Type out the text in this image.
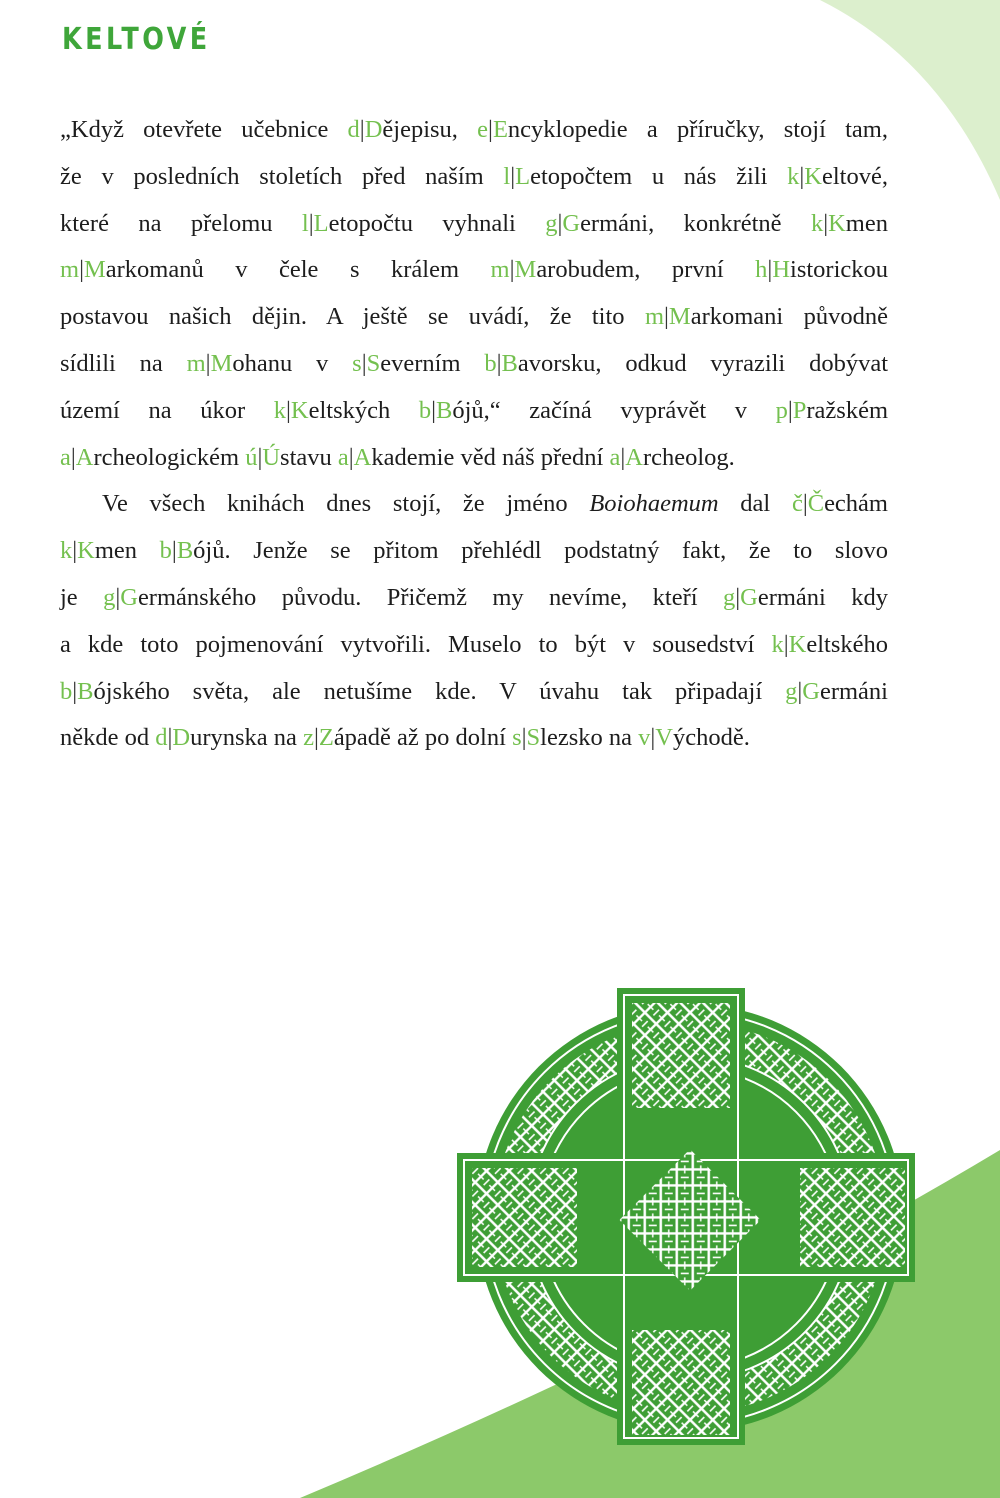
KELTOVÉ
„Když otevřete učebnice d|Dějepisu, e|Encyklopedie a příručky, stojí tam,
že v posledních stoletích před naším l|Letopočtem u nás žili k|Keltové,
které na přelomu l|Letopočtu vyhnali g|Germáni, konkrétně k|Kmen
m|Markomanů v čele s králem m|Marobudem, první h|Historickou
postavou našich dějin. A ještě se uvádí, že tito m|Markomani původně
sídlili na m|Mohanu v s|Severním b|Bavorsku, odkud vyrazili dobývat
území na úkor k|Keltských b|Bójů,“ začíná vyprávět v p|Pražském
a|Archeologickém ú|Ústavu a|Akademie věd náš přední a|Archeolog.
Ve všech knihách dnes stojí, že jméno Boiohaemum dal č|Čechám
k|Kmen b|Bójů. Jenže se přitom přehlédl podstatný fakt, že to slovo
je g|Germánského původu. Přičemž my nevíme, kteří g|Germáni kdy
a kde toto pojmenování vytvořili. Muselo to být v sousedství k|Keltského
b|Bójského světa, ale netušíme kde. V úvahu tak připadají g|Germáni
někde od d|Durynska na z|Západě až po dolní s|Slezsko na v|Východě.
